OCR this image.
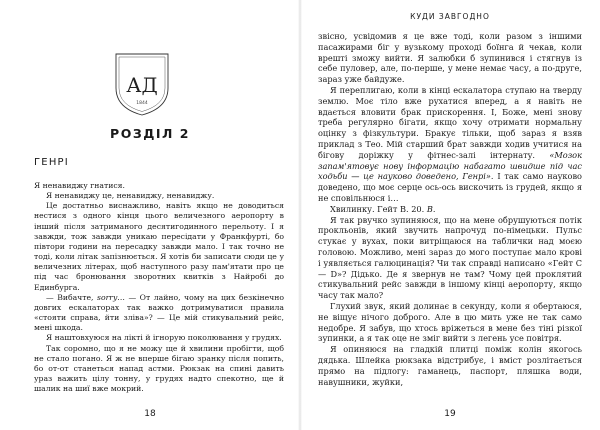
АД
1844
РОЗДІЛ 2
ГЕНРІ

Я ненавиджу гнатися.

Я ненавиджу це, ненавиджу, ненавиджу.

Це достатньо виснажливо, навіть якщо не доводиться нестися з одного кінця цього величезного аеропорту в інший після затриманого десятигодинного перельоту. І я завжди, тож завжди уникаю пересідати у Франкфурті, бо півтори години на пересадку завжди мало. І так точно не тоді, коли літак запізнюється. Я хотів би записати сюди це у величезних літерах, щоб наступного разу пам'ятати про це під час бронювання зворотних квитків з Найробі до Единбурга.

— Вибачте, sorry… — От лайно, чому на цих безкінечно довгих ескалаторах так важко дотримуватися правила «стояти справа, йти зліва»? — Це мій стикувальний рейс, мені шкода.

Я наштовхуюся на лікті й ігнорую поколювання у грудях.

Так соромно, що я не можу ще й хвилини пробігти, щоб не стало погано. Я ж не вперше бігаю зранку після попить, бо от-от станеться напад астми. Рюкзак на спині давить ураз важить цілу тонну, у грудях надто спекотно, ще й шалик на шиї вже мокрий.

18
КУДИ ЗАВГОДНО

звісно, усвідомив я це вже тоді, коли разом з іншими пасажирами біг у вузькому проході боїнга й чекав, коли врешті зможу вийти. Я залюбки б зупинився і стягнув із себе пуловер, але, по-перше, у мене немає часу, а по-друге, зараз уже байдуже.

Я переплигаю, коли в кінці ескалатора ступаю на тверду землю. Моє тіло вже рухатися вперед, а я навіть не вдається вловити брак прискорення. І, Боже, мені знову треба регулярно бігати, якщо хочу отримати нормальну оцінку з фізкультури. Бракує тільки, щоб зараз я взяв приклад з Тео. Мій старший брат завжди ходив учитися на бігову доріжку у фітнес-залі інтернату. «Мозок запам'ятовує нову інформацію набагато швидше під час ходьби — це науково доведено, Генрі». І так само науково доведено, що моє серце ось-ось вискочить із грудей, якщо я не сповільнюся і…

Хвилинку. Гейт В. 20. В.

Я так рвучко зупиняюся, що на мене обрушуються потік прокльонів, який звучить напрочуд по-німецьки. Пульс стукає у вухах, поки витріщаюся на таблички над моєю головою. Можливо, мені зараз до мого поступає мало крові і уявляється галюцинація? Чи так справді написано «Гейт С — D»? Дідько. Де я звернув не там? Чому цей проклятий стикувальний рейс завжди в іншому кінці аеропорту, якщо часу так мало?

Глухий звук, який долинає в секунду, коли я обертаюся, не віщує нічого доброго. Але в цю мить уже не так само недобре. Я забув, що хтось вріжеться в мене без тіні різкої зупинки, а я так оце не зміг вийти з легень усе повітря.

Я опиняюся на гладкій плитці поміж колін якогось дядька. Шлейка рюкзака відстрибує, і вміст розлітається прямо на підлогу: гаманець, паспорт, пляшка води, навушники, жуйки,

19
